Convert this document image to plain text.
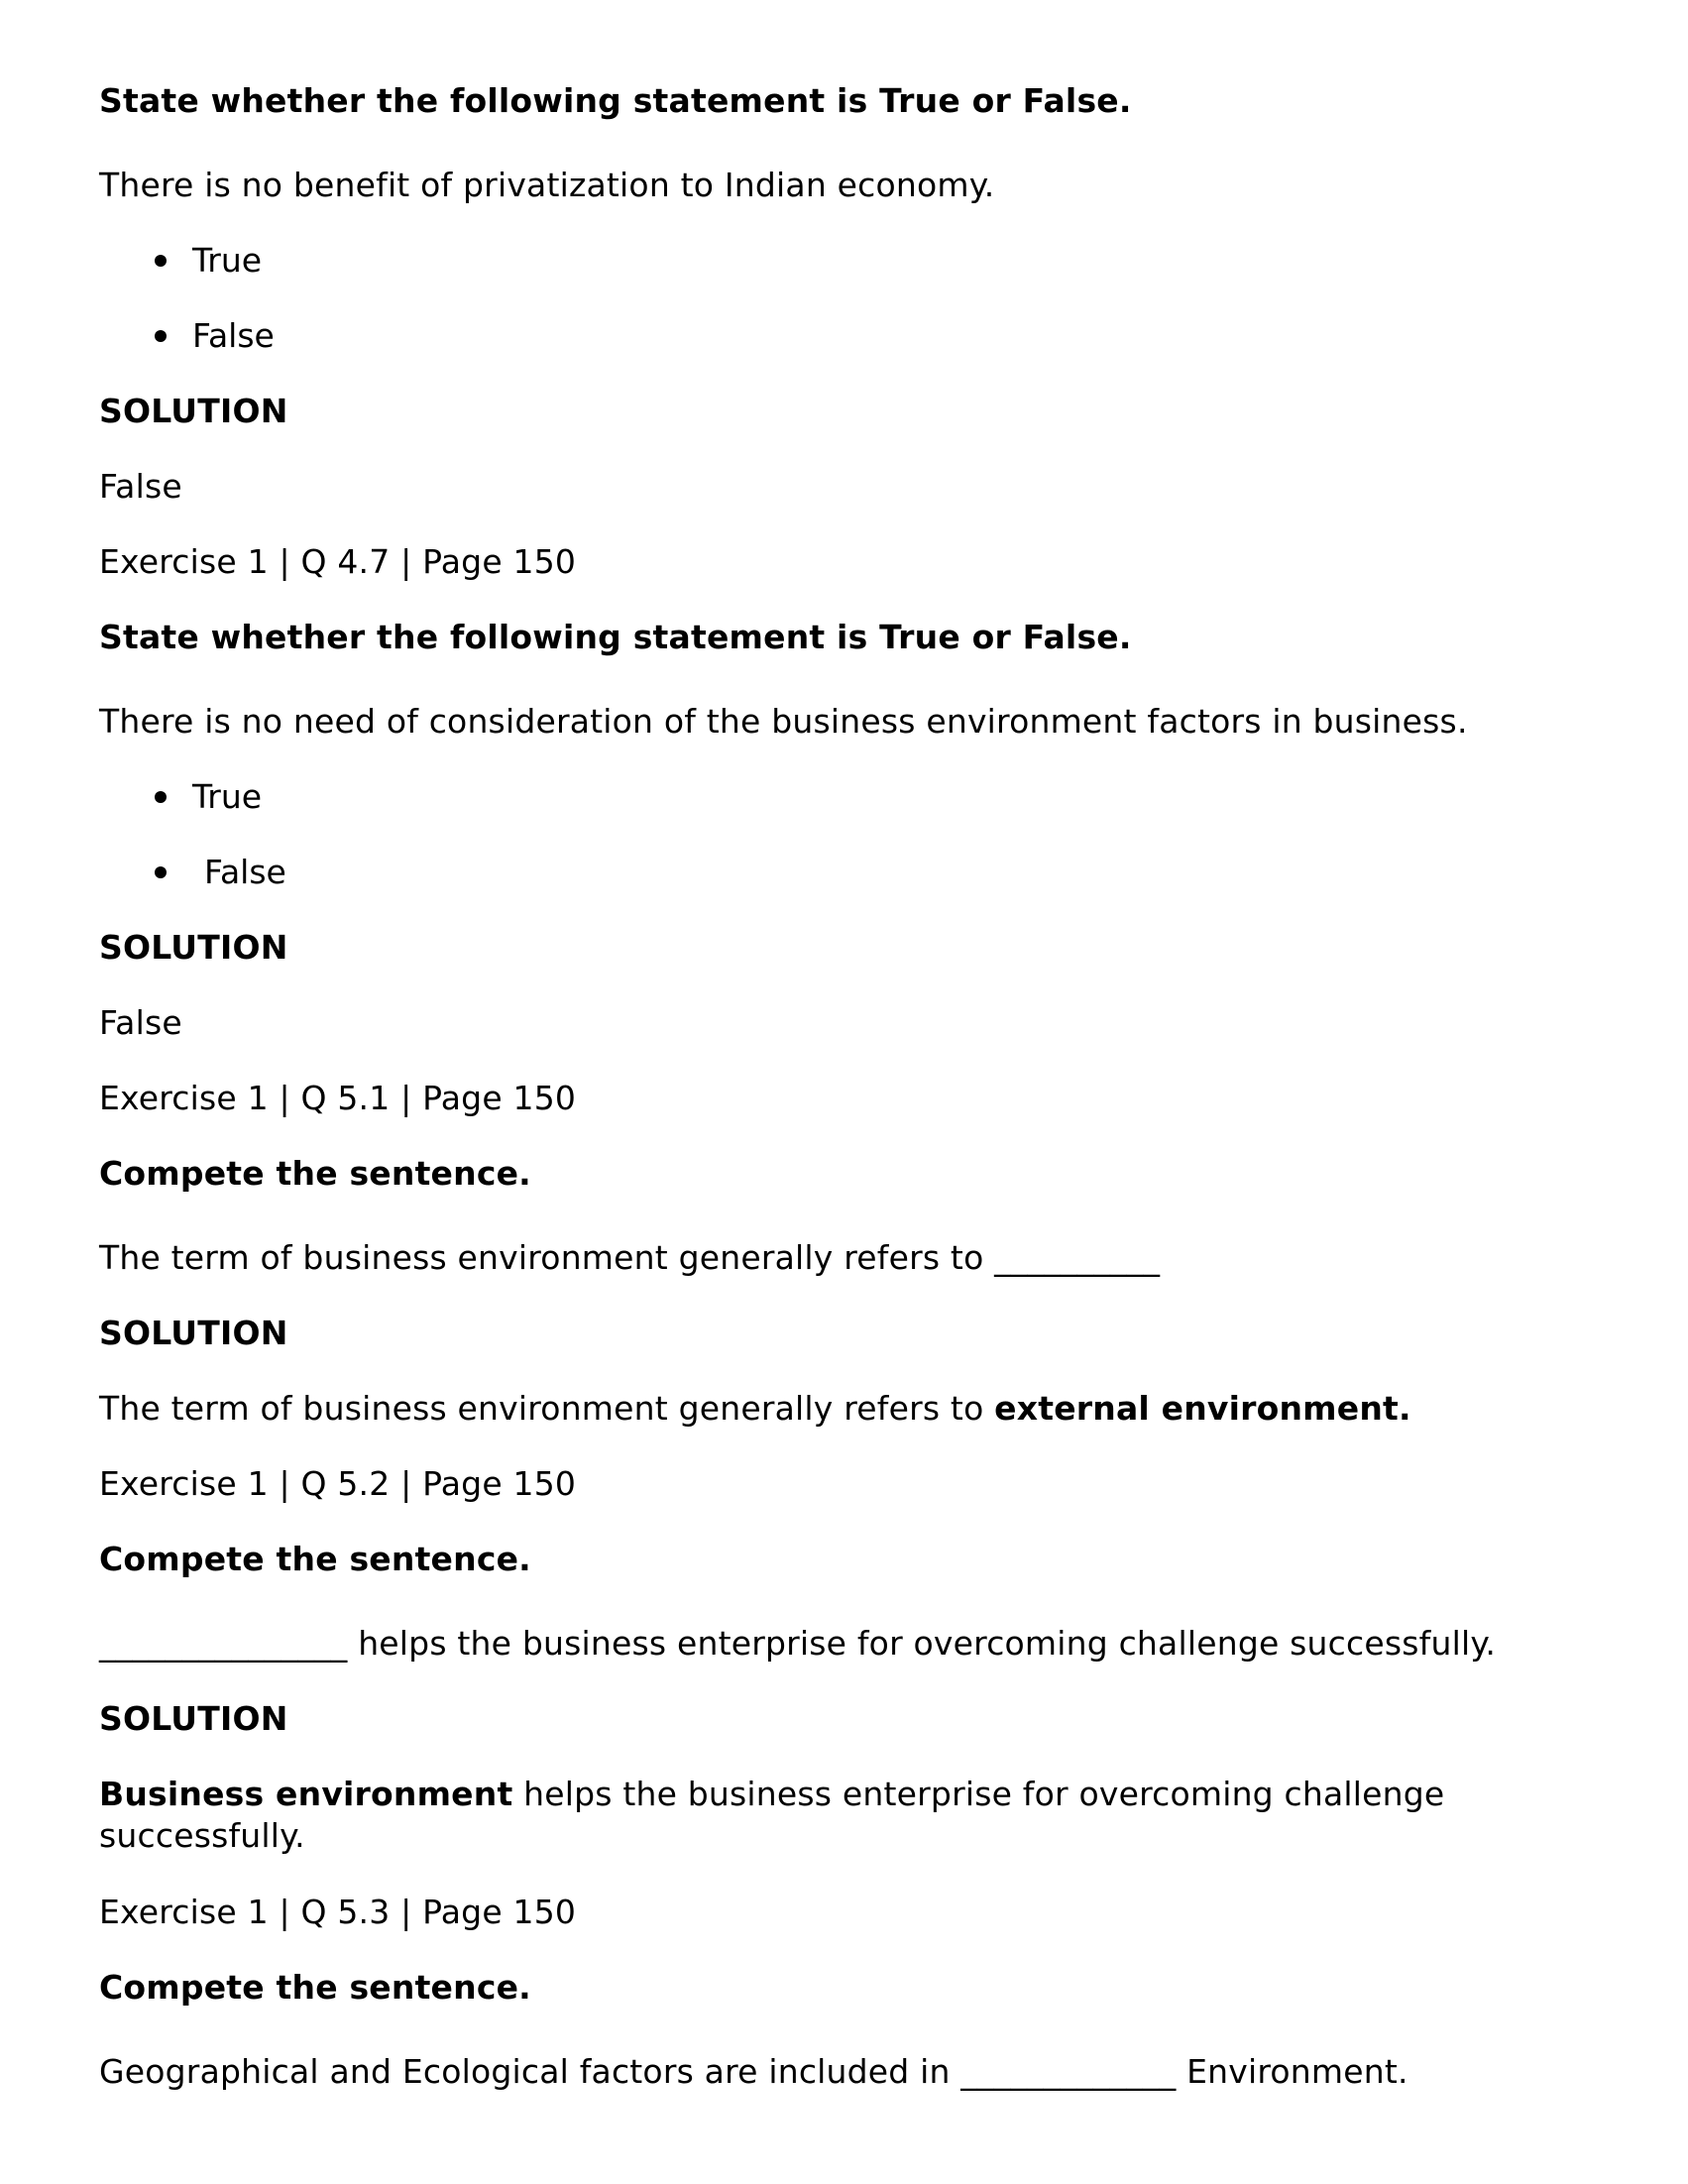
State whether the following statement is True or False.
There is no benefit of privatization to Indian economy.
True
False
SOLUTION
False
Exercise 1 | Q 4.7 | Page 150
State whether the following statement is True or False.
There is no need of consideration of the business environment factors in business.
True
False
SOLUTION
False
Exercise 1 | Q 5.1 | Page 150
Compete the sentence.
The term of business environment generally refers to __________
SOLUTION
The term of business environment generally refers to external environment.
Exercise 1 | Q 5.2 | Page 150
Compete the sentence.
_______________ helps the business enterprise for overcoming challenge successfully.
SOLUTION
Business environment helps the business enterprise for overcoming challenge successfully.
Exercise 1 | Q 5.3 | Page 150
Compete the sentence.
Geographical and Ecological factors are included in _____________ Environment.
